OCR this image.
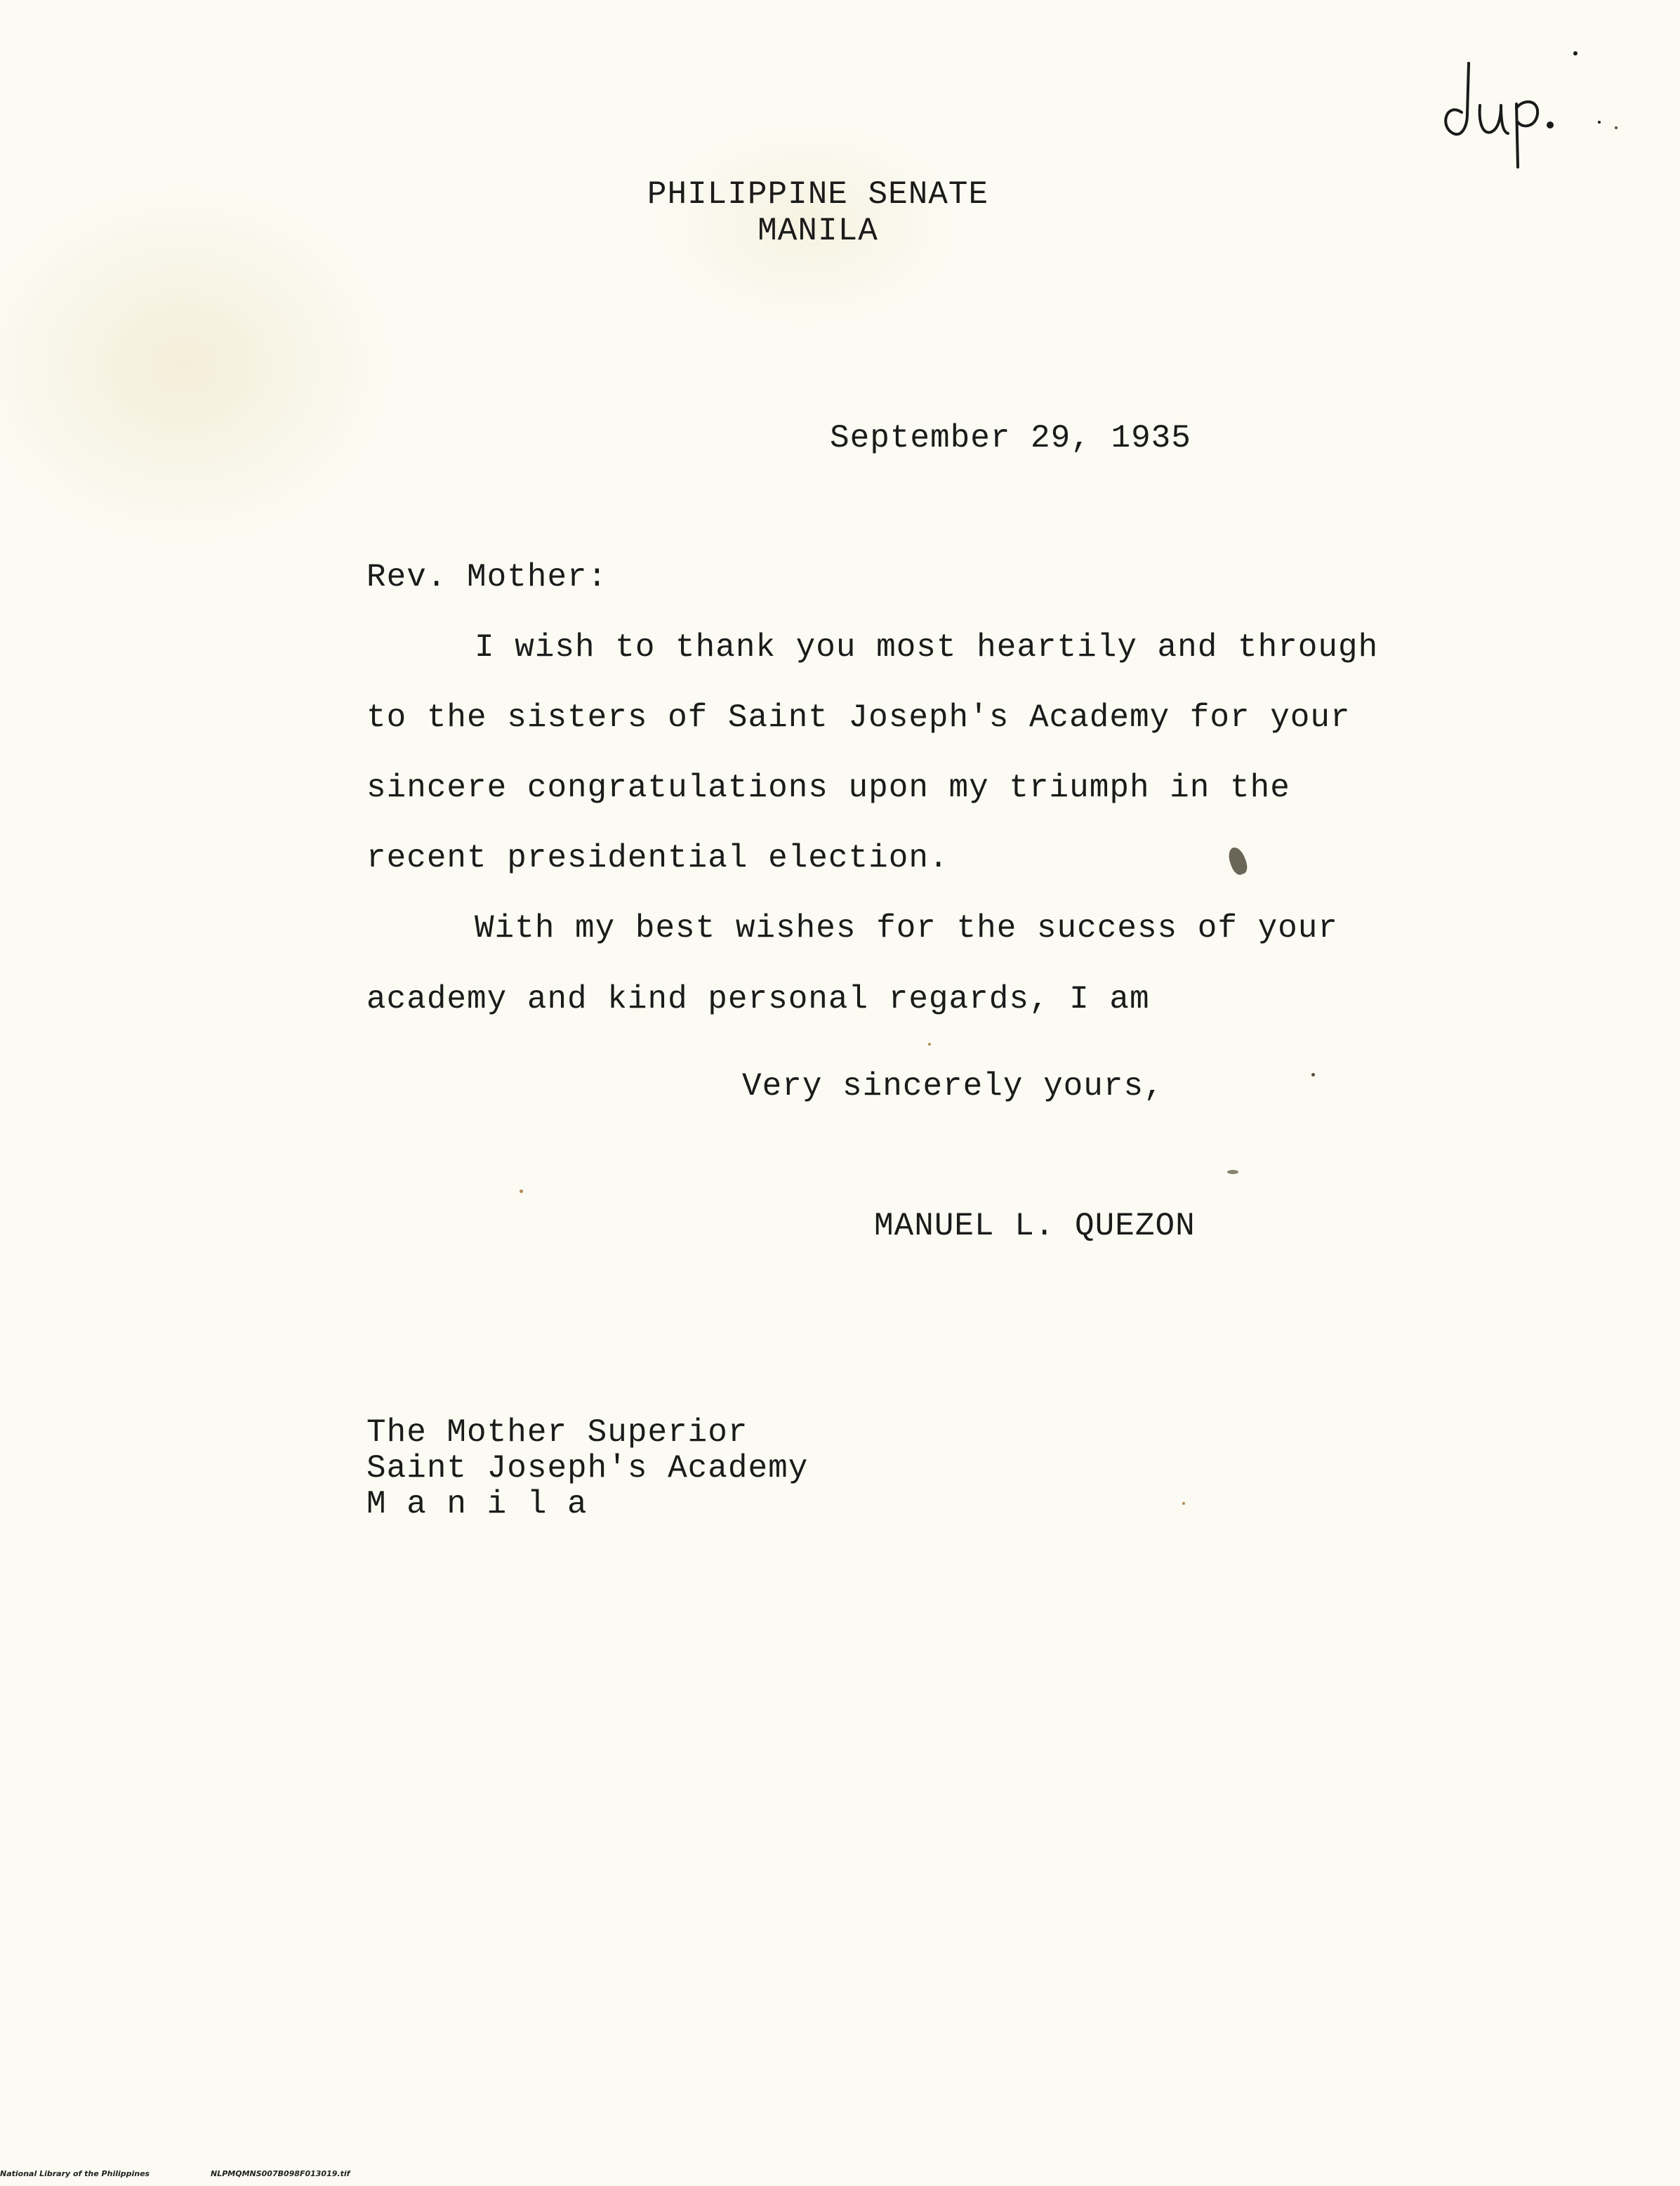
PHILIPPINE SENATE
MANILA
September 29, 1935
Rev. Mother:
I wish to thank you most heartily and through
to the sisters of Saint Joseph's Academy for your
sincere congratulations upon my triumph in the
recent presidential election.
With my best wishes for the success of your
academy and kind personal regards, I am
Very sincerely yours,
MANUEL L. QUEZON
The Mother Superior
Saint Joseph's Academy
M a n i l a
National Library of the Philippines	NLPMQMNS007B098F013019.tif
